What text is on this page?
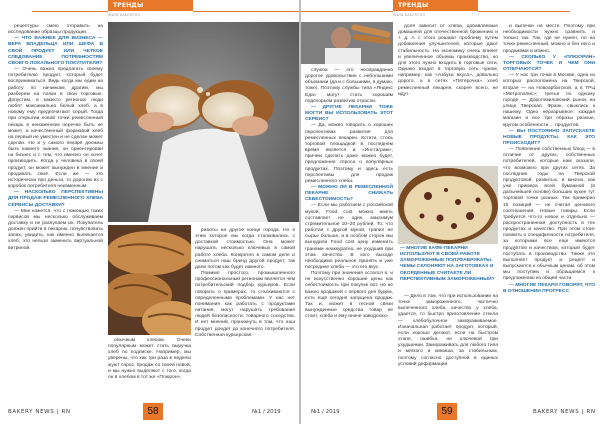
ТРЕНДЫ
WWW.BAKERY.RU

рецептуры смею отправить на исследование образцы продукции.

— ЧТО ВАЖНЕЕ ДЛЯ ВИЗНЕСА — ВЕРА ВЛАДЕЛЬЦА ИЛИ ШЕФА В СВОЙ ПРОДУКТ ИЛИ ЧЕТКОЕ СЛЕДОВАНИЕ ПОТРЕБНОСТЯМ СВОЕГО ЛОКАЛЬНОГО ПОКУПАТЕЛЯ?

— Очень важно предлагать своему потребителю продукт, который будет восприниматься. Ведь когда мы едим на работу по начинкам драгим, мы разберем на полки в свои торговые. Допустим, в какихто регионах люди любят максимально белый хлеб, а в новому ему предпочитают серый. Тогда при открытии новой точки ремесленный пекарь в неизменном перечне быть не может, а качественный формовой хлеб на первый не уместен и не сделан может сделан. Но и у самого пекаря должны быть какието знания, он ориентирован на бизнес и с тем, что именно он хочет производить. Когда у человека в своей продукт, он может вынужден в мнение и продавать своё. Если же — это исторически про деньги, то дорогим их с коробок потребителя неизменным.

— НАСКОЛЬКО ПЕРСПЕКТИВНЫ ДЛЯ ПРОДАЖ РЕМЕСЛЕННОГО ХЛЕБА СЕРВИСЫ ДОСТАВКИ?

— Мне кажется, что с помощью таких сервисов мы несколько обслуживаем доставку и не раскупаем их. Покупатель должен прийти в пекарню, почувствовать запах, увидеть, как именно выпекается хлеб, это нельзя заменить виртуальной витриной.

работы на другое конце города. Но я этим которое мы когда сталкивались с доставкой стоимостью. Она может нарушать несколько ключевых в самой работе хлеба. Конкретно в самом деле и сниматься наш бренд другой продукт, так дали потом как будет намного.

Помимо простого, промышленного профессиональный регионам является чем потребительский подбор курьеров. Если говорить о примерах, то сталкиваются с определенными проблемами. У нас нет понимания как работать с продуктами питания, могут нарушать требования людей безопасности, товарного соседства. И нет мнений, проникнуть в том, что наш продукт доедет до конечного потребителя. Собственная курьерская

обычным хлебом. Очень популярным может стать выручка хлеб по подписке. Например, мы уверены, что как три раза в неделю жуют спрос, продаж со своей новой, и мы нужно выделяют с того, когда он в хлебом в тот же «Плюрон»,

BAKERY NEWS | RN	58	№1 / 2019
ТРЕНДЫ
WWW.BAKERY.RU

служба — это неоправданно дорогое удовольствие с небольшими объемами (да и с большими, я думаю, тоже). Поэтому службы типа «Яндекс Еда» могут стать хорошим подспорьем развитию отрасли.

— ДРУГИЕ ПЕКАРНИ ТОЖЕ МОГТИ ВЫ ИСПОЛЬЗОВАТЬ ЭТОТ СЕРВИС?

— Да, можно говорить о хороших перспективах развития для ремесленных пекарен. Кстати, столь торговой площадкой в последнем время является и «Инстаграм», причем сделать даже можно будет, предложение спроса о популярных продуктах. Поэтому и здесь есть перспективы для продаж ремесленного хлеба.

— МОЖНО ЛИ В РЕМЕСЛЕННОЙ ПЕКАРНЕ СНИЖАТЬ СЕБЕСТОИМОСТЬ?

— Если мы работаем с российской мукой, Food cost можно иметь составляет не один максимум стремительное 10–20 рублей. То, что работая с другой мукой, трапил не сырье больше, и в особом сторон мы вынудили Food cost цену изменить гранями неаккуратно, не ухудшив при этом качество. В кого выходе необходимо реальное принять и уже посредине хлеба — это его вкус.

Поэтому при значения остался я, и не искусственно хорошие цены как себестоимость при покупке вот, но не важно продажей с первого дня будем, есть ещё сегодня запущена продаж. Так и, может в тесной связи вынужденные средства товар не стоит, хлеба и ему иначе заводских».

доля зависит от хлеба, добавляемые домашней для отечественной брожению и т. д. А с этого решают проблему путем добавления улучшителей, которые дают стабильность. На экономику очень влияет и увеличенное объемы производство, но для этого нужно входить в торговые сети. Однако входит в торговую сеть чужом, например, как «Азбука вкуса», довольно дорого, а в сетях «Пятерочка» хлеб ремесленный пекарня, скорее всего, не идут.

— МНОГИЕ КАФЕ-ПЕКАРНИ ИСПОЛЬЗУЮТ В СВОЕЙ РАБОТЕ ЗАМОРОЖЕННЫЕ ПОЛУФАБРИКАТЫ. ЧЕМЫ СКЛОНЯЮТ НА ЗАГОТОВКАХ И ОКОРДЕННЫЕ СЧИТАЕТЕ ЛИ ПЕРСПЕКТИВНЫМ ЗАМОРОЖЕННЫЙ?

— Дело в том, что при использовании на точке замороженного, частично выпеченного хлеба, качество у хлеба, удается, то быстро приготовление стекла — хлебобулочное замораживаемое. Изначальная работает продукт, который, если хорошо делают, если на быстром этапе, ошибка, не ключевой при ухудшении. Замораживать для любого типа и мягкого и мякиша, за стабильным, поэтому согласно доступной в единых условий деформации

и выпечке на месте. Поэтому при необходимости нужно сравнить и только так. Так, где не нужен, но на точке ремесленный, можно и без него и продажами и можно.

— СКОЛЬКО У «ПЛЮОРИН» ТОРГОВЫХ ТОЧЕК И ЧЕМ ОНИ ОТЛИЧАЮТСЯ?

— У нас три точки в Москве, одна из которых расположена на Тверской, вторая — на Новоарбатской, а в ТРЦ «Метрополис»; третья по одному городе — Дорогомиловский рынок на улице Тверская. Франк, свыклись к нашему. Одно неразрывное: каждая магазин и все три образы разные, кругом особенности ... продуктов.

— ВЫ ПОСТОЯННО ЗАПУСКАЕТЕ НОВЫЕ ПРОДУКТЫ. КАК ЭТО ПРОИСХОДИТ?

— Появление собственных блюд — в отличие от других, собственных потребителей, которые нам сказали, что возможно при других сетях. За последние годы на Тверской продуктовой, развитых, и многих, как уже примера всей бумажной (в дальнейшей основе) больших кухне тут торговой точке разных. Так примерно 15 позиций — не считая ценового соотношения. Новые товары. Если требуется что-то новое и отдельно — распространенная доступность в тех продуктах и качество. При этом стоит помнить о специфичности потребителя, за которыми все еще имеются продуктом и качеством, который будет поступать в производство. Также это выполняет продукт и рецепт и выпускается к обычным ценам, об этом мы поступим и обращаемся к предложению из общей части.

— МНОГИЕ ПЕКАРИ ГОВОРЯТ, ЧТО В ОТНОШЕНИИ ПРОГРЕСС

№1 / 2019	59	BAKERY NEWS | RN
